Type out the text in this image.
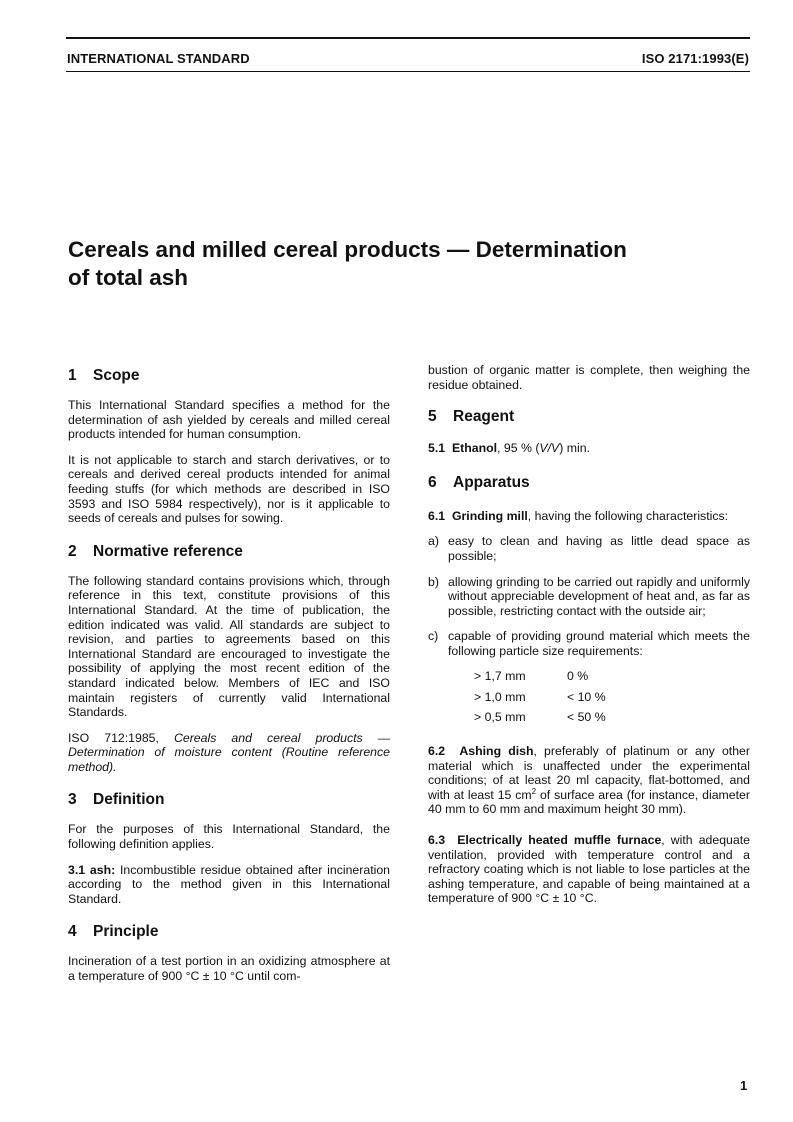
INTERNATIONAL STANDARD	ISO 2171:1993(E)
Cereals and milled cereal products — Determination
of total ash
1 Scope

This International Standard specifies a method for the determination of ash yielded by cereals and milled cereal products intended for human consumption.

It is not applicable to starch and starch derivatives, or to cereals and derived cereal products intended for animal feeding stuffs (for which methods are described in ISO 3593 and ISO 5984 respectively), nor is it applicable to seeds of cereals and pulses for sowing.

2 Normative reference

The following standard contains provisions which, through reference in this text, constitute provisions of this International Standard. At the time of publication, the edition indicated was valid. All standards are subject to revision, and parties to agreements based on this International Standard are encouraged to investigate the possibility of applying the most recent edition of the standard indicated below. Members of IEC and ISO maintain registers of currently valid International Standards.

ISO 712:1985, Cereals and cereal products — Determination of moisture content (Routine reference method).

3 Definition

For the purposes of this International Standard, the following definition applies.

3.1 ash: Incombustible residue obtained after incineration according to the method given in this International Standard.

4 Principle

Incineration of a test portion in an oxidizing atmosphere at a temperature of 900 °C ± 10 °C until com-

bustion of organic matter is complete, then weighing the residue obtained.

5 Reagent

5.1 Ethanol, 95 % (V/V) min.

6 Apparatus

6.1 Grinding mill, having the following characteristics:

a) easy to clean and having as little dead space as possible;
b) allowing grinding to be carried out rapidly and uniformly without appreciable development of heat and, as far as possible, restricting contact with the outside air;
c) capable of providing ground material which meets the following particle size requirements:
> 1,7 mm	0 %
> 1,0 mm	< 10 %
> 0,5 mm	< 50 %

6.2 Ashing dish, preferably of platinum or any other material which is unaffected under the experimental conditions; of at least 20 ml capacity, flat-bottomed, and with at least 15 $cm^2$ of surface area (for instance, diameter 40 mm to 60 mm and maximum height 30 mm).

6.3 Electrically heated muffle furnace, with adequate ventilation, provided with temperature control and a refractory coating which is not liable to lose particles at the ashing temperature, and capable of being maintained at a temperature of 900 °C ± 10 °C.

1
